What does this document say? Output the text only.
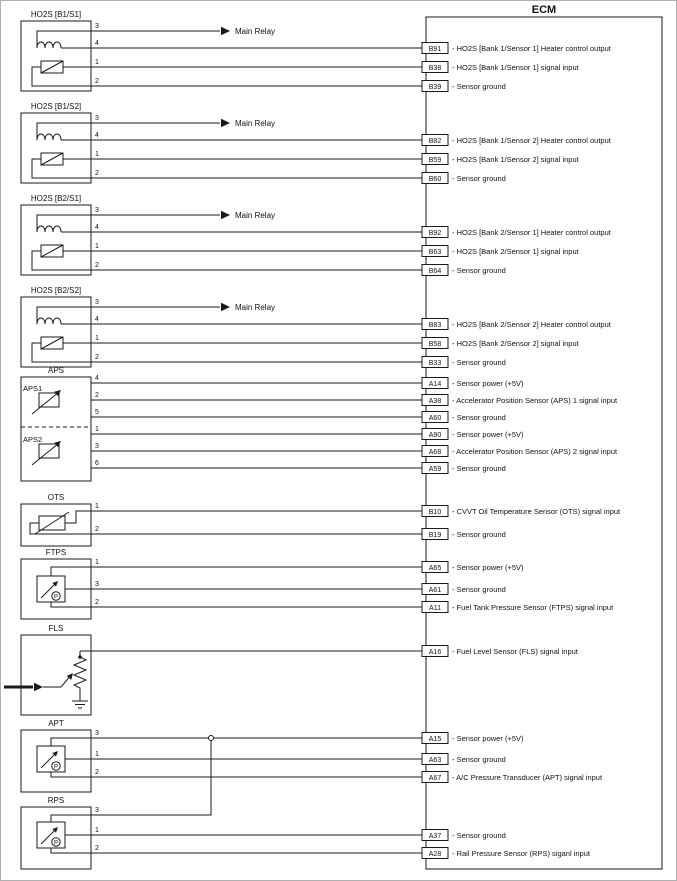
ECM
HO2S [B1/S1]
Main Relay
3
4
1
2
HO2S [B1/S2]
Main Relay
3
4
1
2
HO2S [B2/S1]
Main Relay
3
4
1
2
HO2S [B2/S2]
Main Relay
3
4
1
2
APS
4
2
5
1
3
6
APS1
APS2
OTS
1
2
FTPS
1
3
2
P
FLS
APT
3
1
2
P
RPS
3
1
2
P
B91 - HO2S [Bank 1/Sensor 1] Heater control output
B38 - HO2S [Bank 1/Sensor 1] signal input
B39 - Sensor ground
B82 - HO2S [Bank 1/Sensor 2] Heater control output
B59 - HO2S [Bank 1/Sensor 2] signal input
B60 - Sensor ground
B92 - HO2S [Bank 2/Sensor 1] Heater control output
B63 - HO2S [Bank 2/Sensor 1] signal input
B64 - Sensor ground
B83 - HO2S [Bank 2/Sensor 2] Heater control output
B58 - HO2S [Bank 2/Sensor 2] signal input
B33 - Sensor ground
A14 - Sensor power (+5V)
A38 - Accelerator Position Sensor (APS) 1 signal input
A60 - Sensor ground
A90 - Sensor power (+5V)
A68 - Accelerator Position Sensor (APS) 2 signal input
A59 - Sensor ground
B10 - CVVT Oil Temperature Sensor (OTS) signal input
B19 - Sensor ground
A65 - Sensor power (+5V)
A61 - Sensor ground
A11 - Fuel Tank Pressure Sensor (FTPS) signal input
A16 - Fuel Level Sensor (FLS) signal input
A15 - Sensor power (+5V)
A63 - Sensor ground
A67 - A/C Pressure Transducer (APT) signal input
A37 - Sensor ground
A28 - Rail Pressure Sensor (RPS) siganl input
